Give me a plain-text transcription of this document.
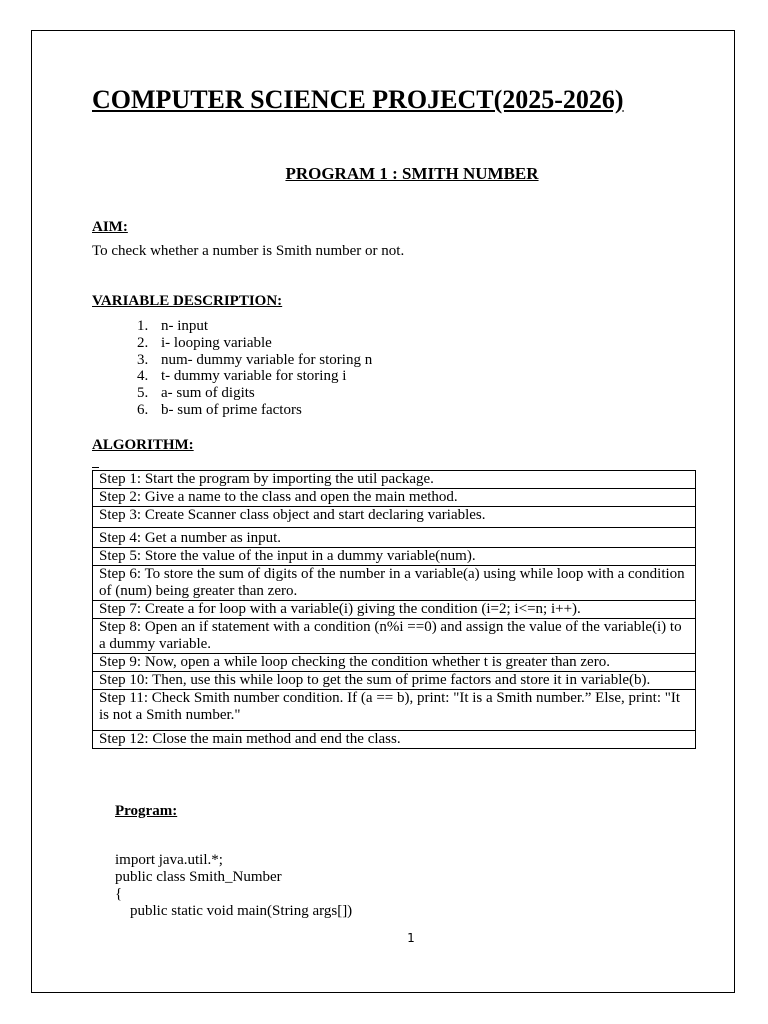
COMPUTER SCIENCE PROJECT(2025-2026)
PROGRAM 1 : SMITH NUMBER

AIM:

To check whether a number is Smith number or not.

VARIABLE DESCRIPTION:

1. n- input
2. i- looping variable
3. num- dummy variable for storing n
4. t- dummy variable for storing i
5. a- sum of digits
6. b- sum of prime factors

ALGORITHM:

Step 1: Start the program by importing the util package.
Step 2: Give a name to the class and open the main method.
Step 3: Create Scanner class object and start declaring variables.
Step 4: Get a number as input.
Step 5: Store the value of the input in a dummy variable(num).
Step 6: To store the sum of digits of the number in a variable(a) using while loop with a condition of (num) being greater than zero.
Step 7: Create a for loop with a variable(i) giving the condition (i=2; i<=n; i++).
Step 8: Open an if statement with a condition (n%i ==0) and assign the value of the variable(i) to a dummy variable.
Step 9: Now, open a while loop checking the condition whether t is greater than zero.
Step 10: Then, use this while loop to get the sum of prime factors and store it in variable(b).
Step 11: Check Smith number condition. If (a == b), print: "It is a Smith number.” Else, print: "It is not a Smith number."
Step 12: Close the main method and end the class.

Program:

import java.util.*;
public class Smith_Number
{
public static void main(String args[])
1
